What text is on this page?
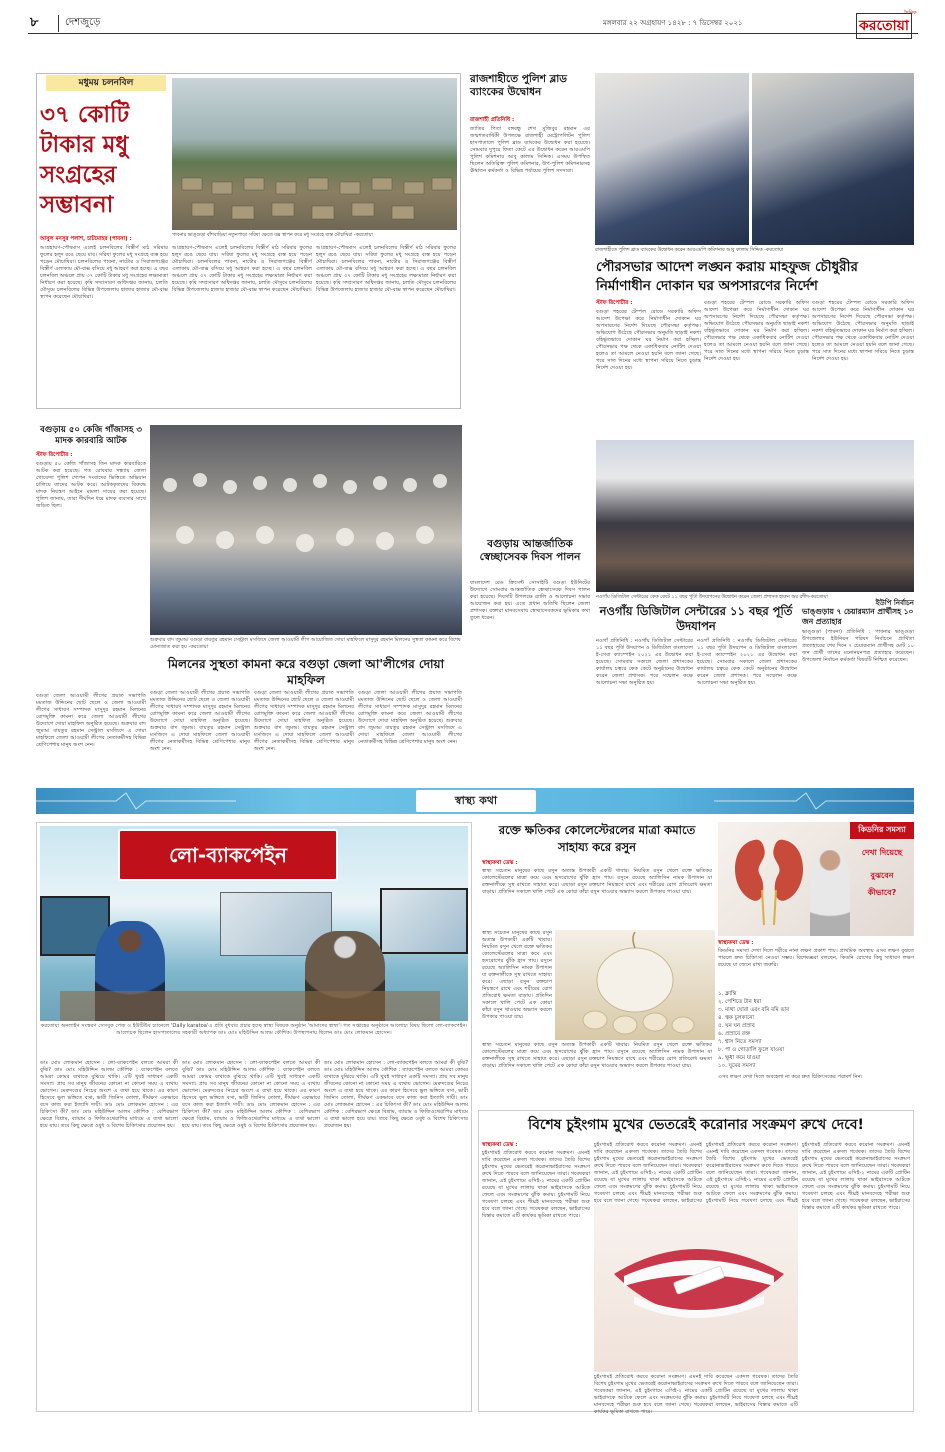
৮	দেশজুড়ে	মঙ্গলবার ২২ অগ্রহায়ণ ১৪২৮ : ৭ ডিসেম্বর ২০২১
দৈনিক
করতোয়া
মধুময় চলনবিল
৩৭ কোটি টাকার মধু সংগ্রহের সম্ভাবনা
পাবনার ভাঙ্গুড়া বাঁশবাড়িয়া নতুনপাড়া সরিষা ক্ষেতে বক্স স্থাপন করে মধু সংগ্রহে ব্যস্ত মৌচাষিরা -করতোয়া
আবুল মনসুর পলাশ, চাটমোহর (পাবনা) :
আগ্রহায়ণ-পৌষমাস এলেই চলনবিলের বিস্তীর্ণ মাঠ সরিষার ফুলের হলুদ রঙে ছেয়ে যায়। সরিষা ফুলের মধু সংগ্রহে ব্যস্ত হয়ে পড়েন মৌচাষিরা। চলনবিলের পাবনা, নাটোর ও সিরাজগঞ্জের বিস্তীর্ণ এলাকায় মৌ-বাক্স বসিয়ে মধু আহরণ করা হচ্ছে। এ বছর চলনবিল অঞ্চলে প্রায় ৩৭ কোটি টাকার মধু সংগ্রহের লক্ষ্যমাত্রা নির্ধারণ করা হয়েছে। কৃষি সম্প্রসারণ অধিদপ্তর জানায়, চলতি মৌসুমে চলনবিলের বিভিন্ন উপজেলায় হাজার হাজার মৌ-বাক্স স্থাপন করেছেন মৌচাষিরা।
আগ্রহায়ণ-পৌষমাস এলেই চলনবিলের বিস্তীর্ণ মাঠ সরিষার ফুলের হলুদ রঙে ছেয়ে যায়। সরিষা ফুলের মধু সংগ্রহে ব্যস্ত হয়ে পড়েন মৌচাষিরা। চলনবিলের পাবনা, নাটোর ও সিরাজগঞ্জের বিস্তীর্ণ এলাকায় মৌ-বাক্স বসিয়ে মধু আহরণ করা হচ্ছে। এ বছর চলনবিল অঞ্চলে প্রায় ৩৭ কোটি টাকার মধু সংগ্রহের লক্ষ্যমাত্রা নির্ধারণ করা হয়েছে। কৃষি সম্প্রসারণ অধিদপ্তর জানায়, চলতি মৌসুমে চলনবিলের বিভিন্ন উপজেলায় হাজার হাজার মৌ-বাক্স স্থাপন করেছেন মৌচাষিরা।
আগ্রহায়ণ-পৌষমাস এলেই চলনবিলের বিস্তীর্ণ মাঠ সরিষার ফুলের হলুদ রঙে ছেয়ে যায়। সরিষা ফুলের মধু সংগ্রহে ব্যস্ত হয়ে পড়েন মৌচাষিরা। চলনবিলের পাবনা, নাটোর ও সিরাজগঞ্জের বিস্তীর্ণ এলাকায় মৌ-বাক্স বসিয়ে মধু আহরণ করা হচ্ছে। এ বছর চলনবিল অঞ্চলে প্রায় ৩৭ কোটি টাকার মধু সংগ্রহের লক্ষ্যমাত্রা নির্ধারণ করা হয়েছে। কৃষি সম্প্রসারণ অধিদপ্তর জানায়, চলতি মৌসুমে চলনবিলের বিভিন্ন উপজেলায় হাজার হাজার মৌ-বাক্স স্থাপন করেছেন মৌচাষিরা।
রাজশাহীতে পুলিশ ব্লাড ব্যাংকের উদ্বোধন
রাজশাহী প্রতিনিধি :
জাতির পিতা বঙ্গবন্ধু শেখ মুজিবুর রহমান এর জন্মশতবার্ষিকী উপলক্ষে রাজশাহী মেট্রোপলিটন পুলিশ হাসপাতালে পুলিশ ব্লাড ব্যাংকের উদ্বোধন করা হয়েছে। সোমবার দুপুরে ফিতা কেটে এর উদ্বোধন করেন আরএমপি পুলিশ কমিশনার আবু কালাম সিদ্দিক। এসময় উপস্থিত ছিলেন অতিরিক্ত পুলিশ কমিশনার, উপ-পুলিশ কমিশনারসহ ঊর্ধ্বতন কর্মকর্তা ও বিভিন্ন পর্যায়ের পুলিশ সদস্যরা।
রাজশাহীতে পুলিশ ব্লাড ব্যাংকের উদ্বোধন করেন আরএমপি কমিশনার আবু কালাম সিদ্দিক -করতোয়া
পৌরসভার আদেশ লঙ্ঘন করায় মাহফুজ চৌধুরীর নির্মাণাধীন দোকান ঘর অপসারণের নির্দেশ
স্টাফ রিপোর্টার :
বগুড়া শহরের টেম্পল রোডে সরকারি অফিস আদেশ উপেক্ষা করে নির্মাণাধীন দোকান ঘর অপসারণের নির্দেশ দিয়েছে পৌরসভা কর্তৃপক্ষ। অভিযোগ উঠেছে পৌরসভার অনুমতি ছাড়াই নকশা বহির্ভূতভাবে দোকান ঘর নির্মাণ করা হচ্ছিল। পৌরসভার পক্ষ থেকে একাধিকবার নোটিশ দেওয়া হলেও তা আমলে নেওয়া হয়নি বলে জানা গেছে। পরে সাত দিনের মধ্যে স্থাপনা সরিয়ে নিতে চূড়ান্ত নির্দেশ দেওয়া হয়।
বগুড়া শহরের টেম্পল রোডে সরকারি অফিস আদেশ উপেক্ষা করে নির্মাণাধীন দোকান ঘর অপসারণের নির্দেশ দিয়েছে পৌরসভা কর্তৃপক্ষ। অভিযোগ উঠেছে পৌরসভার অনুমতি ছাড়াই নকশা বহির্ভূতভাবে দোকান ঘর নির্মাণ করা হচ্ছিল। পৌরসভার পক্ষ থেকে একাধিকবার নোটিশ দেওয়া হলেও তা আমলে নেওয়া হয়নি বলে জানা গেছে। পরে সাত দিনের মধ্যে স্থাপনা সরিয়ে নিতে চূড়ান্ত নির্দেশ দেওয়া হয়।
বগুড়া শহরের টেম্পল রোডে সরকারি অফিস আদেশ উপেক্ষা করে নির্মাণাধীন দোকান ঘর অপসারণের নির্দেশ দিয়েছে পৌরসভা কর্তৃপক্ষ। অভিযোগ উঠেছে পৌরসভার অনুমতি ছাড়াই নকশা বহির্ভূতভাবে দোকান ঘর নির্মাণ করা হচ্ছিল। পৌরসভার পক্ষ থেকে একাধিকবার নোটিশ দেওয়া হলেও তা আমলে নেওয়া হয়নি বলে জানা গেছে। পরে সাত দিনের মধ্যে স্থাপনা সরিয়ে নিতে চূড়ান্ত নির্দেশ দেওয়া হয়।
বগুড়ায় ৫০ কেজি গাঁজাসহ ৩ মাদক কারবারি আটক
স্টাফ রিপোর্টার :
বগুড়ায় ৫০ কেজি গাঁজাসহ তিন মাদক কারবারিকে আটক করা হয়েছে। গত রোববার সন্ধ্যায় জেলা গোয়েন্দা পুলিশ গোপন সংবাদের ভিত্তিতে অভিযান চালিয়ে তাদের আটক করে। আটককৃতদের বিরুদ্ধে মাদক নিয়ন্ত্রণ আইনে মামলা দায়ের করা হয়েছে। পুলিশ জানায়, তারা দীর্ঘদিন ধরে মাদক ব্যবসার সাথে জড়িত ছিল।
শুক্রবার বাদ জুমআ বগুড়া বায়তুর রহমান সেন্ট্রাল মসজিদে জেলা আওয়ামী লীগ আয়োজিত দোয়া মাহফিলে মাসুদুর রহমান মিলনের সুস্থতা কামনা করে বিশেষ মোনাজাত করা হয় -করতোয়া
মিলনের সুস্থতা কামনা করে বগুড়া জেলা আ'লীগের দোয়া মাহফিল
বগুড়া জেলা আওয়ামী লীগের প্রয়াত সভাপতি মমতাজ উদ্দিনের ছোট ছেলে ও জেলা আওয়ামী লীগের সাধারণ সম্পাদক মাসুদুর রহমান মিলনের রোগমুক্তি কামনা করে জেলা আওয়ামী লীগের উদ্যোগে দোয়া মাহফিল অনুষ্ঠিত হয়েছে। শুক্রবার বাদ জুমআ বায়তুর রহমান সেন্ট্রাল মসজিদে এ দোয়া মাহফিলে জেলা আওয়ামী লীগের নেতাকর্মীসহ বিভিন্ন শ্রেণিপেশার মানুষ অংশ নেন।
বগুড়া জেলা আওয়ামী লীগের প্রয়াত সভাপতি মমতাজ উদ্দিনের ছোট ছেলে ও জেলা আওয়ামী লীগের সাধারণ সম্পাদক মাসুদুর রহমান মিলনের রোগমুক্তি কামনা করে জেলা আওয়ামী লীগের উদ্যোগে দোয়া মাহফিল অনুষ্ঠিত হয়েছে। শুক্রবার বাদ জুমআ বায়তুর রহমান সেন্ট্রাল মসজিদে এ দোয়া মাহফিলে জেলা আওয়ামী লীগের নেতাকর্মীসহ বিভিন্ন শ্রেণিপেশার মানুষ অংশ নেন।
বগুড়া জেলা আওয়ামী লীগের প্রয়াত সভাপতি মমতাজ উদ্দিনের ছোট ছেলে ও জেলা আওয়ামী লীগের সাধারণ সম্পাদক মাসুদুর রহমান মিলনের রোগমুক্তি কামনা করে জেলা আওয়ামী লীগের উদ্যোগে দোয়া মাহফিল অনুষ্ঠিত হয়েছে। শুক্রবার বাদ জুমআ বায়তুর রহমান সেন্ট্রাল মসজিদে এ দোয়া মাহফিলে জেলা আওয়ামী লীগের নেতাকর্মীসহ বিভিন্ন শ্রেণিপেশার মানুষ অংশ নেন।
বগুড়া জেলা আওয়ামী লীগের প্রয়াত সভাপতি মমতাজ উদ্দিনের ছোট ছেলে ও জেলা আওয়ামী লীগের সাধারণ সম্পাদক মাসুদুর রহমান মিলনের রোগমুক্তি কামনা করে জেলা আওয়ামী লীগের উদ্যোগে দোয়া মাহফিল অনুষ্ঠিত হয়েছে। শুক্রবার বাদ জুমআ বায়তুর রহমান সেন্ট্রাল মসজিদে এ দোয়া মাহফিলে জেলা আওয়ামী লীগের নেতাকর্মীসহ বিভিন্ন শ্রেণিপেশার মানুষ অংশ নেন।
বগুড়ায় আন্তর্জাতিক স্বেচ্ছাসেবক দিবস পালন
বাংলাদেশ রেড ক্রিসেন্ট সোসাইটি বগুড়া ইউনিটের উদ্যোগে সোমবার আন্তর্জাতিক স্বেচ্ছাসেবক দিবস পালন করা হয়েছে। দিবসটি উপলক্ষে র‍্যালি ও আলোচনা সভার আয়োজন করা হয়। এতে প্রধান অতিথি ছিলেন জেলা প্রশাসক। বক্তারা মানবসেবায় স্বেচ্ছাসেবকদের ভূমিকার কথা তুলে ধরেন।
নওগাঁয় ডিজিটাল সেন্টারের কেক কেটে ১১ বছর পূর্তি উদযাপনের উদ্বোধন করেন জেলা প্রশাসক হারুন অর রশীদ-করতোয়া
নওগাঁয় ডিজিটাল সেন্টারের ১১ বছর পূর্তি উদযাপন
নওগাঁ প্রতিনিধি : নওগাঁয় ডিজিটাল সেন্টারের ১১ বছর পূর্তি উদযাপন ও ডিজিটাল বাংলাদেশ ই-সেবা ক্যাম্পেইন ২০২১ এর উদ্বোধন করা হয়েছে। সোমবার সকালে জেলা প্রশাসকের কার্যালয় চত্বরে কেক কেটে অনুষ্ঠানের উদ্বোধন করেন জেলা প্রশাসক। পরে সম্মেলন কক্ষে আলোচনা সভা অনুষ্ঠিত হয়।
নওগাঁ প্রতিনিধি : নওগাঁয় ডিজিটাল সেন্টারের ১১ বছর পূর্তি উদযাপন ও ডিজিটাল বাংলাদেশ ই-সেবা ক্যাম্পেইন ২০২১ এর উদ্বোধন করা হয়েছে। সোমবার সকালে জেলা প্রশাসকের কার্যালয় চত্বরে কেক কেটে অনুষ্ঠানের উদ্বোধন করেন জেলা প্রশাসক। পরে সম্মেলন কক্ষে আলোচনা সভা অনুষ্ঠিত হয়।
ইউপি নির্বাচন
ভাঙ্গুড়ায় ৭ চেয়ারম্যান প্রার্থীসহ ১০ জন প্রত্যাহার
ভাঙ্গুড়া (পাবনা) প্রতিনিধি : পাবনার ভাঙ্গুড়া উপজেলার ইউনিয়ন পরিষদ নির্বাচনে প্রার্থিতা প্রত্যাহারের শেষ দিনে ৭ চেয়ারম্যান প্রার্থীসহ মোট ১০ জন প্রার্থী তাদের মনোনয়নপত্র প্রত্যাহার করেছেন। উপজেলা নির্বাচন কর্মকর্তা বিষয়টি নিশ্চিত করেছেন।
স্বাস্থ্য কথা
লো-ব্যাকপেইন
করতোয়া অনলাইন সংস্করণ সেসবুক পেজ ও ইউটিউব চ্যানেলে 'Daily karatoa'এ প্রতি বুধবার প্রচার হচ্ছে স্বাস্থ্য বিষয়ক অনুষ্ঠান 'আমাদের স্বাস্থ্য'। গত সপ্তাহের অনুষ্ঠানে আলোচ্য বিষয় ছিলো লো-ব্যাকপেইন। আলোচক ছিলেন হাসপাতালের সহকারী অধ্যাপক ডাঃ মোঃ মহিউদ্দিন আলম কৌশিক। উপস্থাপনায় ছিলেন ডাঃ মোঃ লোকমান হোসেন।
ডাঃ মোঃ লোকমান হোসেন : লো-ব্যাকপেইন বলতে আমরা কী বুঝি? ডাঃ মোঃ মহিউদ্দিন আলম কৌশিক : ব্যাকপেইন বলতে আমরা কোমর ব্যথাকে বুঝিয়ে থাকি। এটি খুবই সাধারণ একটি সমস্যা। প্রায় সব মানুষ জীবনের কোনো না কোনো সময় এ ব্যথায় ভোগেন। মেরুদণ্ডের নিচের অংশে এ ব্যথা হয়ে থাকে। এর কারণ হিসেবে ভুল ভঙ্গিতে বসা, ভারী জিনিস তোলা, দীর্ঘক্ষণ একভাবে বসে কাজ করা ইত্যাদি দায়ী। ডাঃ মোঃ লোকমান হোসেন : এর চিকিৎসা কী? ডাঃ মোঃ মহিউদ্দিন আলম কৌশিক : বেশিরভাগ ক্ষেত্রে বিশ্রাম, ব্যায়াম ও ফিজিওথেরাপির মাধ্যমে এ ব্যথা ভালো হয়ে যায়। তবে কিছু ক্ষেত্রে ওষুধ ও বিশেষ চিকিৎসার প্রয়োজন হয়।
ডাঃ মোঃ লোকমান হোসেন : লো-ব্যাকপেইন বলতে আমরা কী বুঝি? ডাঃ মোঃ মহিউদ্দিন আলম কৌশিক : ব্যাকপেইন বলতে আমরা কোমর ব্যথাকে বুঝিয়ে থাকি। এটি খুবই সাধারণ একটি সমস্যা। প্রায় সব মানুষ জীবনের কোনো না কোনো সময় এ ব্যথায় ভোগেন। মেরুদণ্ডের নিচের অংশে এ ব্যথা হয়ে থাকে। এর কারণ হিসেবে ভুল ভঙ্গিতে বসা, ভারী জিনিস তোলা, দীর্ঘক্ষণ একভাবে বসে কাজ করা ইত্যাদি দায়ী। ডাঃ মোঃ লোকমান হোসেন : এর চিকিৎসা কী? ডাঃ মোঃ মহিউদ্দিন আলম কৌশিক : বেশিরভাগ ক্ষেত্রে বিশ্রাম, ব্যায়াম ও ফিজিওথেরাপির মাধ্যমে এ ব্যথা ভালো হয়ে যায়। তবে কিছু ক্ষেত্রে ওষুধ ও বিশেষ চিকিৎসার প্রয়োজন হয়।
ডাঃ মোঃ লোকমান হোসেন : লো-ব্যাকপেইন বলতে আমরা কী বুঝি? ডাঃ মোঃ মহিউদ্দিন আলম কৌশিক : ব্যাকপেইন বলতে আমরা কোমর ব্যথাকে বুঝিয়ে থাকি। এটি খুবই সাধারণ একটি সমস্যা। প্রায় সব মানুষ জীবনের কোনো না কোনো সময় এ ব্যথায় ভোগেন। মেরুদণ্ডের নিচের অংশে এ ব্যথা হয়ে থাকে। এর কারণ হিসেবে ভুল ভঙ্গিতে বসা, ভারী জিনিস তোলা, দীর্ঘক্ষণ একভাবে বসে কাজ করা ইত্যাদি দায়ী। ডাঃ মোঃ লোকমান হোসেন : এর চিকিৎসা কী? ডাঃ মোঃ মহিউদ্দিন আলম কৌশিক : বেশিরভাগ ক্ষেত্রে বিশ্রাম, ব্যায়াম ও ফিজিওথেরাপির মাধ্যমে এ ব্যথা ভালো হয়ে যায়। তবে কিছু ক্ষেত্রে ওষুধ ও বিশেষ চিকিৎসার প্রয়োজন হয়।
রক্তে ক্ষতিকর কোলেস্টেরলের মাত্রা কমাতে সাহায্য করে রসুন
স্বাস্থ্যকথা ডেস্ক :
স্বাস্থ্য সচেতন মানুষের কাছে রসুন অত্যন্ত উপকারী একটি খাবার। নিয়মিত রসুন খেলে রক্তে ক্ষতিকর কোলেস্টেরলের মাত্রা কমে এবং হৃদরোগের ঝুঁকি হ্রাস পায়। রসুনে রয়েছে অ্যালিসিন নামক উপাদান যা রক্তনালীকে সুস্থ রাখতে সাহায্য করে। এছাড়া রসুন রক্তচাপ নিয়ন্ত্রণে রাখে এবং শরীরের রোগ প্রতিরোধ ক্ষমতা বাড়ায়। প্রতিদিন সকালে খালি পেটে এক কোয়া কাঁচা রসুন খাওয়ার অভ্যাস করলে উপকার পাওয়া যায়।
স্বাস্থ্য সচেতন মানুষের কাছে রসুন অত্যন্ত উপকারী একটি খাবার। নিয়মিত রসুন খেলে রক্তে ক্ষতিকর কোলেস্টেরলের মাত্রা কমে এবং হৃদরোগের ঝুঁকি হ্রাস পায়। রসুনে রয়েছে অ্যালিসিন নামক উপাদান যা রক্তনালীকে সুস্থ রাখতে সাহায্য করে। এছাড়া রসুন রক্তচাপ নিয়ন্ত্রণে রাখে এবং শরীরের রোগ প্রতিরোধ ক্ষমতা বাড়ায়। প্রতিদিন সকালে খালি পেটে এক কোয়া কাঁচা রসুন খাওয়ার অভ্যাস করলে উপকার পাওয়া যায়।
স্বাস্থ্য সচেতন মানুষের কাছে রসুন অত্যন্ত উপকারী একটি খাবার। নিয়মিত রসুন খেলে রক্তে ক্ষতিকর কোলেস্টেরলের মাত্রা কমে এবং হৃদরোগের ঝুঁকি হ্রাস পায়। রসুনে রয়েছে অ্যালিসিন নামক উপাদান যা রক্তনালীকে সুস্থ রাখতে সাহায্য করে। এছাড়া রসুন রক্তচাপ নিয়ন্ত্রণে রাখে এবং শরীরের রোগ প্রতিরোধ ক্ষমতা বাড়ায়। প্রতিদিন সকালে খালি পেটে এক কোয়া কাঁচা রসুন খাওয়ার অভ্যাস করলে উপকার পাওয়া যায়।
কিডনির সমস্যা
দেখা দিয়েছে
বুঝবেন
কীভাবে?
স্বাস্থ্যকথা ডেস্ক :
কিডনির সমস্যা দেখা দিলে শরীরে নানা লক্ষণ প্রকাশ পায়। প্রাথমিক অবস্থায় এসব লক্ষণ বুঝতে পারলে দ্রুত চিকিৎসা নেওয়া সম্ভব। বিশেষজ্ঞরা বলছেন, কিডনি রোগের কিছু সাধারণ লক্ষণ রয়েছে যা জেনে রাখা জরুরি।
১. ক্লান্তি
২. পেশিতে টান ধরা
৩. মাথা ঘোরা এবং বমি বমি ভাব
৪. ত্বক চুলকানো
৫. ঘন ঘন প্রস্রাব
৬. প্রস্রাবে রক্ত
৭. শ্বাস নিতে সমস্যা
৮. পা ও গোড়ালি ফুলে যাওয়া
৯. ক্ষুধা কমে যাওয়া
১০. ঘুমের সমস্যা
এসব লক্ষণ দেখা দিলে অবহেলা না করে দ্রুত চিকিৎসকের পরামর্শ নিন।
বিশেষ চুইংগাম মুখের ভেতরেই করোনার সংক্রমণ রুখে দেবে!
স্বাস্থ্যকথা ডেস্ক :
চুইংগামই প্রতিরোধ করবে করোনা সংক্রমণ। এমনই দাবি করেছেন একদল গবেষক। তাদের তৈরি বিশেষ চুইংগাম মুখের ভেতরেই করোনাভাইরাসের সংক্রমণ রুখে দিতে পারবে বলে জানিয়েছেন তারা। গবেষকরা জানান, এই চুইংগামে এসিই-২ নামের একটি প্রোটিন রয়েছে যা মুখের লালায় থাকা ভাইরাসকে আটকে ফেলে এবং সংক্রমণের ঝুঁকি কমায়। চুইংগামটি নিয়ে গবেষণা চলছে এবং শীঘ্রই মানবদেহে পরীক্ষা শুরু হবে বলে জানা গেছে। গবেষকরা বলছেন, ভাইরাসের বিস্তার কমাতে এটি কার্যকর ভূমিকা রাখতে পারে।
চুইংগামই প্রতিরোধ করবে করোনা সংক্রমণ। এমনই দাবি করেছেন একদল গবেষক। তাদের তৈরি বিশেষ চুইংগাম মুখের ভেতরেই করোনাভাইরাসের সংক্রমণ রুখে দিতে পারবে বলে জানিয়েছেন তারা। গবেষকরা জানান, এই চুইংগামে এসিই-২ নামের একটি প্রোটিন রয়েছে যা মুখের লালায় থাকা ভাইরাসকে আটকে ফেলে এবং সংক্রমণের ঝুঁকি কমায়। চুইংগামটি নিয়ে গবেষণা চলছে এবং শীঘ্রই মানবদেহে পরীক্ষা শুরু হবে বলে জানা গেছে। গবেষকরা বলছেন, ভাইরাসের
চুইংগামই প্রতিরোধ করবে করোনা সংক্রমণ। এমনই দাবি করেছেন একদল গবেষক। তাদের তৈরি বিশেষ চুইংগাম মুখের ভেতরেই করোনাভাইরাসের সংক্রমণ রুখে দিতে পারবে বলে জানিয়েছেন তারা। গবেষকরা জানান, এই চুইংগামে এসিই-২ নামের একটি প্রোটিন রয়েছে যা মুখের লালায় থাকা ভাইরাসকে আটকে ফেলে এবং সংক্রমণের ঝুঁকি কমায়। চুইংগামটি নিয়ে গবেষণা চলছে এবং শীঘ্রই
চুইংগামই প্রতিরোধ করবে করোনা সংক্রমণ। এমনই দাবি করেছেন একদল গবেষক। তাদের তৈরি বিশেষ চুইংগাম মুখের ভেতরেই করোনাভাইরাসের সংক্রমণ রুখে দিতে পারবে বলে জানিয়েছেন তারা। গবেষকরা জানান, এই চুইংগামে এসিই-২ নামের একটি প্রোটিন রয়েছে যা মুখের লালায় থাকা ভাইরাসকে আটকে ফেলে এবং সংক্রমণের ঝুঁকি কমায়। চুইংগামটি নিয়ে গবেষণা চলছে এবং শীঘ্রই মানবদেহে পরীক্ষা শুরু হবে বলে জানা গেছে। গবেষকরা বলছেন, ভাইরাসের বিস্তার কমাতে এটি কার্যকর ভূমিকা রাখতে পারে।
চুইংগামই প্রতিরোধ করবে করোনা সংক্রমণ। এমনই দাবি করেছেন একদল গবেষক। তাদের তৈরি বিশেষ চুইংগাম মুখের ভেতরেই করোনাভাইরাসের সংক্রমণ রুখে দিতে পারবে বলে জানিয়েছেন তারা। গবেষকরা জানান, এই চুইংগামে এসিই-২ নামের একটি প্রোটিন রয়েছে যা মুখের লালায় থাকা ভাইরাসকে আটকে ফেলে এবং সংক্রমণের ঝুঁকি কমায়। চুইংগামটি নিয়ে গবেষণা চলছে এবং শীঘ্রই মানবদেহে পরীক্ষা শুরু হবে বলে জানা গেছে। গবেষকরা বলছেন, ভাইরাসের বিস্তার কমাতে এটি কার্যকর ভূমিকা রাখতে পারে।
